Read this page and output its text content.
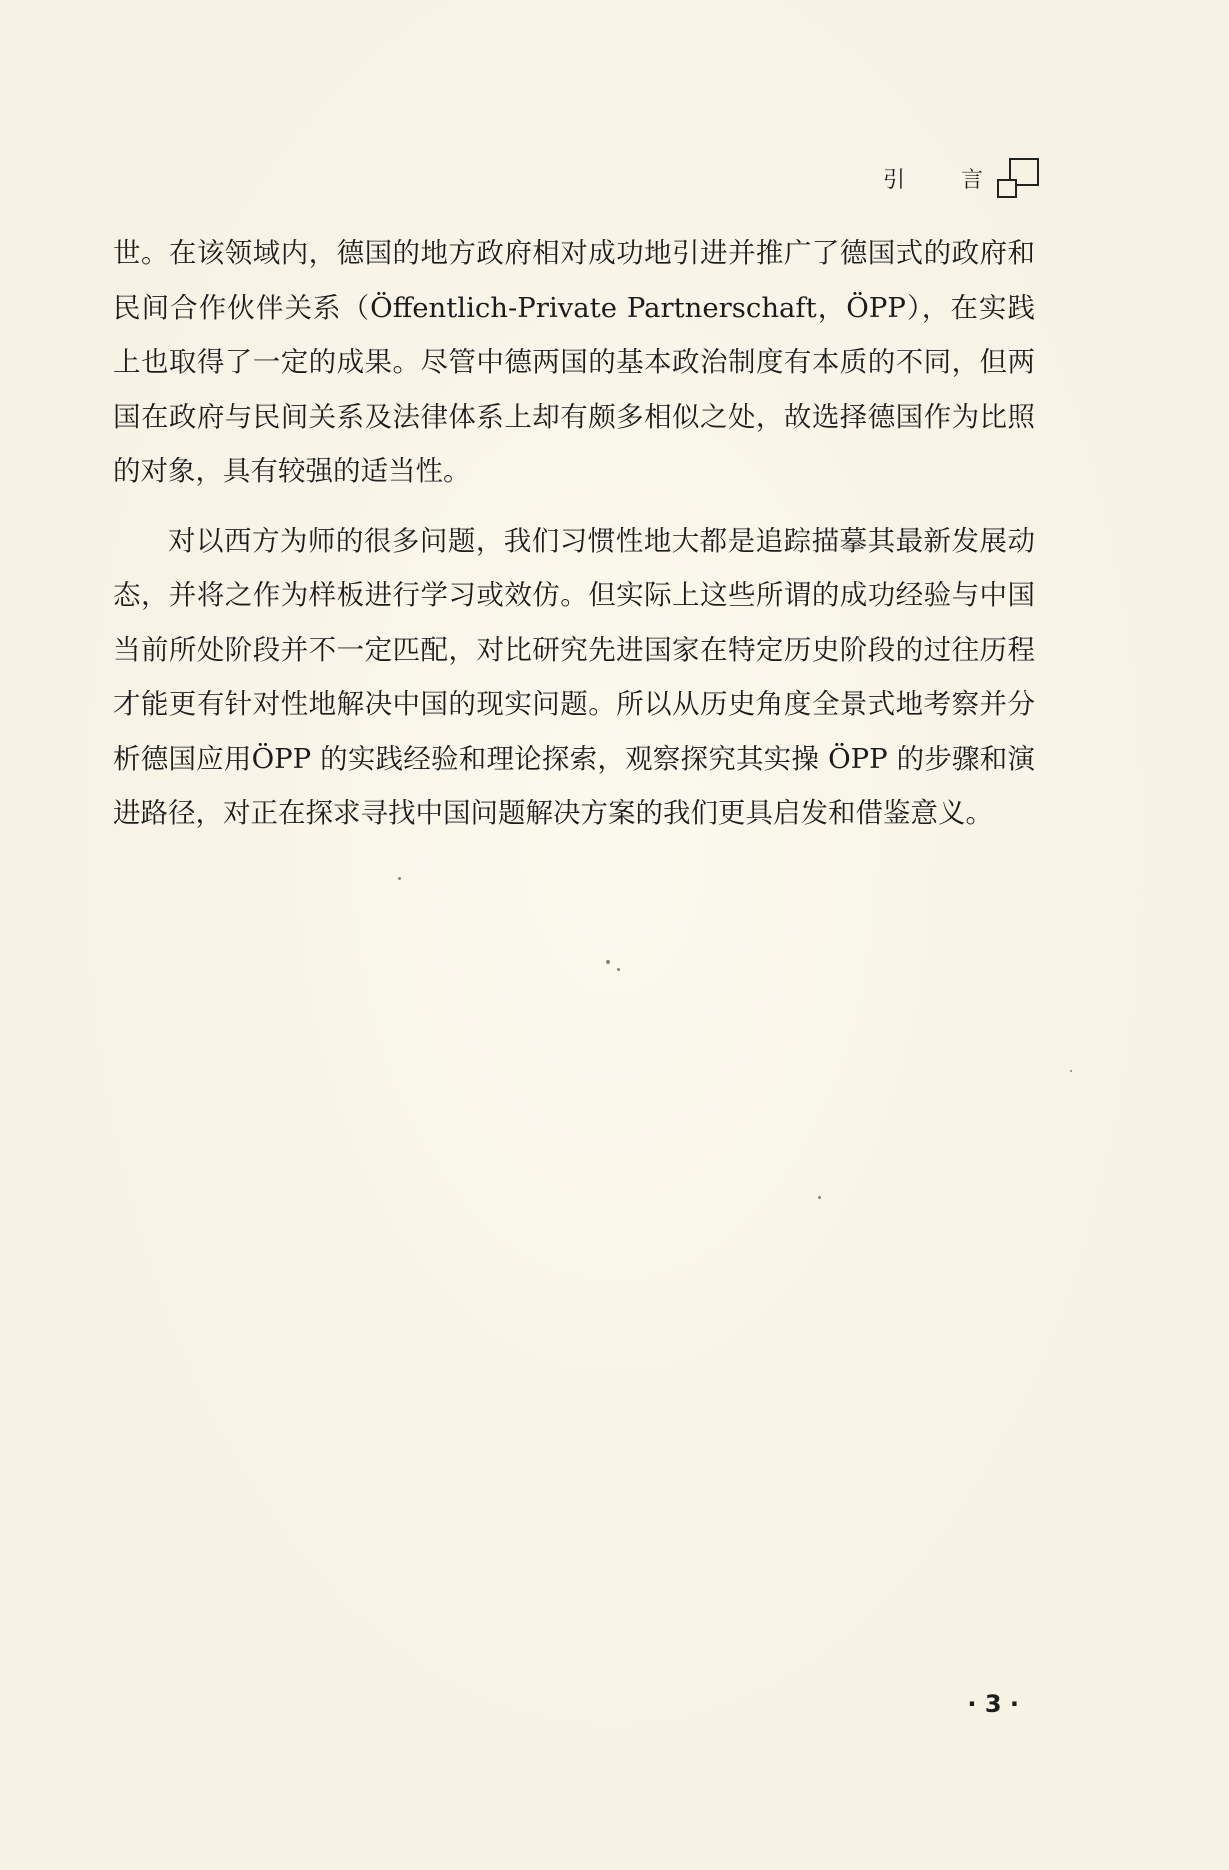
引	言

世。在该领域内，德国的地方政府相对成功地引进并推广了德国式的政府和民间合作伙伴关系（Öffentlich-Private Partnerschaft，ÖPP），在实践上也取得了一定的成果。尽管中德两国的基本政治制度有本质的不同，但两国在政府与民间关系及法律体系上却有颇多相似之处，故选择德国作为比照的对象，具有较强的适当性。

对以西方为师的很多问题，我们习惯性地大都是追踪描摹其最新发展动态，并将之作为样板进行学习或效仿。但实际上这些所谓的成功经验与中国当前所处阶段并不一定匹配，对比研究先进国家在特定历史阶段的过往历程才能更有针对性地解决中国的现实问题。所以从历史角度全景式地考察并分析德国应用ÖPP 的实践经验和理论探索，观察探究其实操 ÖPP 的步骤和演进路径，对正在探求寻找中国问题解决方案的我们更具启发和借鉴意义。

· 3 ·
